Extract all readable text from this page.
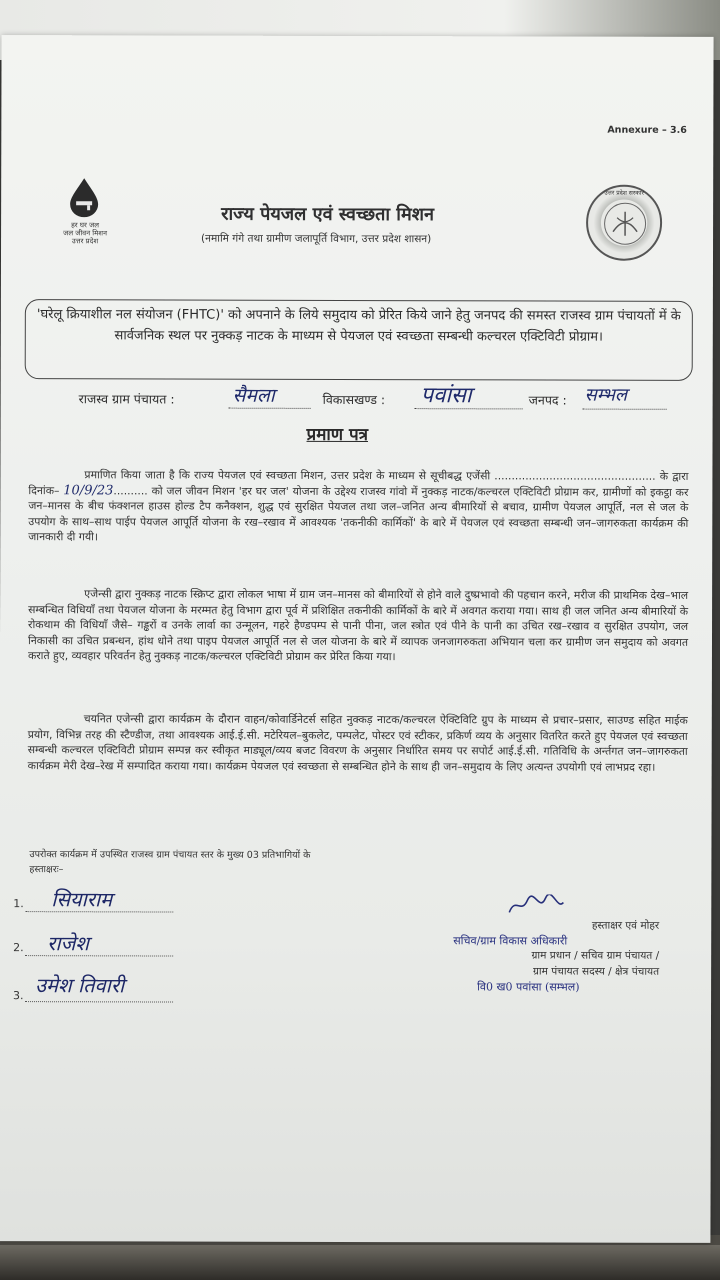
Annexure – 3.6
हर घर जल
जल जीवन मिशन
उत्तर प्रदेश
उत्तर प्रदेश सरकार
राज्य पेयजल एवं स्वच्छता मिशन
(नमामि गंगे तथा ग्रामीण जलापूर्ति विभाग, उत्तर प्रदेश शासन)
'घरेलू क्रियाशील नल संयोजन (FHTC)' को अपनाने के लिये समुदाय को प्रेरित किये जाने हेतु जनपद की समस्त राजस्व ग्राम पंचायतों में के सार्वजनिक स्थल पर नुक्कड़ नाटक के माध्यम से पेयजल एवं स्वच्छता सम्बन्धी कल्चरल एक्टिविटी प्रोग्राम।
राजस्व ग्राम पंचायत :	सैमला	विकासखण्ड : पवांसा	जनपद : सम्भल
प्रमाण पत्र
प्रमाणित किया जाता है कि राज्य पेयजल एवं स्वच्छता मिशन, उत्तर प्रदेश के माध्यम से सूचीबद्ध एजेंसी ............................................... के द्वारा दिनांक– 10/9/23.......... को जल जीवन मिशन 'हर घर जल' योजना के उद्देश्य राजस्व गांवो में नुक्कड़ नाटक/कल्चरल एक्टिविटी प्रोग्राम कर, ग्रामीणों को इकट्ठा कर जन–मानस के बीच फंक्शनल हाउस होल्ड टैप कनैक्शन, शुद्ध एवं सुरक्षित पेयजल तथा जल–जनित अन्य बीमारियों से बचाव, ग्रामीण पेयजल आपूर्ति, नल से जल के उपयोग के साथ–साथ पाईप पेयजल आपूर्ति योजना के रख–रखाव में आवश्यक 'तकनीकी कार्मिकों' के बारे में पेयजल एवं स्वच्छता सम्बन्धी जन–जागरुकता कार्यक्रम की जानकारी दी गयी।
एजेन्सी द्वारा नुक्कड़ नाटक स्क्रिप्ट द्वारा लोकल भाषा में ग्राम जन–मानस को बीमारियों से होने वाले दुष्प्रभावो की पहचान करने, मरीज की प्राथमिक देख–भाल सम्बन्धित विधियाँ तथा पेयजल योजना के मरम्मत हेतु विभाग द्वारा पूर्व में प्रशिक्षित तकनीकी कार्मिकों के बारे में अवगत कराया गया। साथ ही जल जनित अन्य बीमारियों के रोकथाम की विधियाँ जैसे– गड्ढरों व उनके लार्वा का उन्मूलन, गहरे हैण्डपम्प से पानी पीना, जल स्त्रोत एवं पीने के पानी का उचित रख–रखाव व सुरक्षित उपयोग, जल निकासी का उचित प्रबन्धन, हांथ धोने तथा पाइप पेयजल आपूर्ति नल से जल योजना के बारे में व्यापक जनजागरुकता अभियान चला कर ग्रामीण जन समुदाय को अवगत कराते हुए, व्यवहार परिवर्तन हेतु नुक्कड़ नाटक/कल्चरल एक्टिविटी प्रोग्राम कर प्रेरित किया गया।
चयनित एजेन्सी द्वारा कार्यक्रम के दौरान वाहन/कोवार्डिनेटर्स सहित नुक्कड़ नाटक/कल्चरल ऐक्टिविटि ग्रुप के माध्यम से प्रचार–प्रसार, साउण्ड सहित माईक प्रयोग, विभिन्न तरह की स्टैण्डीज, तथा आवश्यक आई.ई.सी. मटेरियल–बुकलेट, पम्पलेट, पोस्टर एवं स्टीकर, प्रकिर्ण व्यय के अनुसार वितरित करते हुए पेयजल एवं स्वच्छता सम्बन्धी कल्चरल एक्टिविटी प्रोग्राम सम्पन्न कर स्वीकृत माड्यूल/व्यय बजट विवरण के अनुसार निर्धारित समय पर सपोर्ट आई.ई.सी. गतिविधि के अर्न्तगत जन–जागरुकता कार्यक्रम मेरी देख–रेख में सम्पादित कराया गया। कार्यक्रम पेयजल एवं स्वच्छता से सम्बन्धित होने के साथ ही जन–समुदाय के लिए अत्यन्त उपयोगी एवं लाभप्रद रहा।
उपरोक्त कार्यक्रम में उपस्थित राजस्व ग्राम पंचायत स्तर के मुख्य 03 प्रतिभागियों के
हस्ताक्षरः–
1. सियाराम
2. राजेश
3. उमेश तिवारी
हस्ताक्षर एवं मोहर
सचिव/ग्राम विकास अधिकारी
ग्राम प्रधान / सचिव ग्राम पंचायत /
ग्राम पंचायत सदस्य / क्षेत्र पंचायत
वि0 ख0 पवांसा (सम्भल)
